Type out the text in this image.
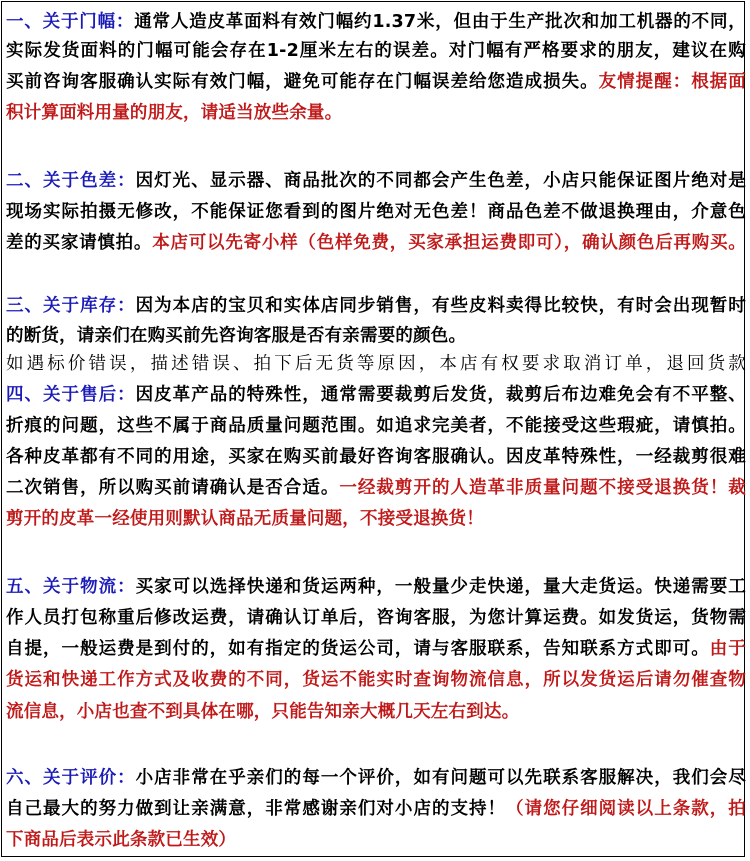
一、关于门幅：通常人造皮革面料有效门幅约1.37米，但由于生产批次和加工机器的不同，
实际发货面料的门幅可能会存在1-2厘米左右的误差。对门幅有严格要求的朋友，建议在购
买前咨询客服确认实际有效门幅，避免可能存在门幅误差给您造成损失。友情提醒：根据面
积计算面料用量的朋友，请适当放些余量。
二、关于色差：因灯光、显示器、商品批次的不同都会产生色差，小店只能保证图片绝对是
现场实际拍摄无修改，不能保证您看到的图片绝对无色差！商品色差不做退换理由，介意色
差的买家请慎拍。本店可以先寄小样（色样免费，买家承担运费即可），确认颜色后再购买。
三、关于库存：因为本店的宝贝和实体店同步销售，有些皮料卖得比较快，有时会出现暂时
的断货，请亲们在购买前先咨询客服是否有亲需要的颜色。
如遇标价错误，描述错误、拍下后无货等原因，本店有权要求取消订单，退回货款
四、关于售后：因皮革产品的特殊性，通常需要裁剪后发货，裁剪后布边难免会有不平整、
折痕的问题，这些不属于商品质量问题范围。如追求完美者，不能接受这些瑕疵，请慎拍。
各种皮革都有不同的用途，买家在购买前最好咨询客服确认。因皮革特殊性，一经裁剪很难
二次销售，所以购买前请确认是否合适。一经裁剪开的人造革非质量问题不接受退换货！裁
剪开的皮革一经使用则默认商品无质量问题，不接受退换货！
五、关于物流：买家可以选择快递和货运两种，一般量少走快递，量大走货运。快递需要工
作人员打包称重后修改运费，请确认订单后，咨询客服，为您计算运费。如发货运，货物需
自提，一般运费是到付的，如有指定的货运公司，请与客服联系，告知联系方式即可。由于
货运和快递工作方式及收费的不同，货运不能实时查询物流信息，所以发货运后请勿催查物
流信息，小店也查不到具体在哪，只能告知亲大概几天左右到达。
六、关于评价：小店非常在乎亲们的每一个评价，如有问题可以先联系客服解决，我们会尽
自己最大的努力做到让亲满意，非常感谢亲们对小店的支持！（请您仔细阅读以上条款，拍
下商品后表示此条款已生效）
